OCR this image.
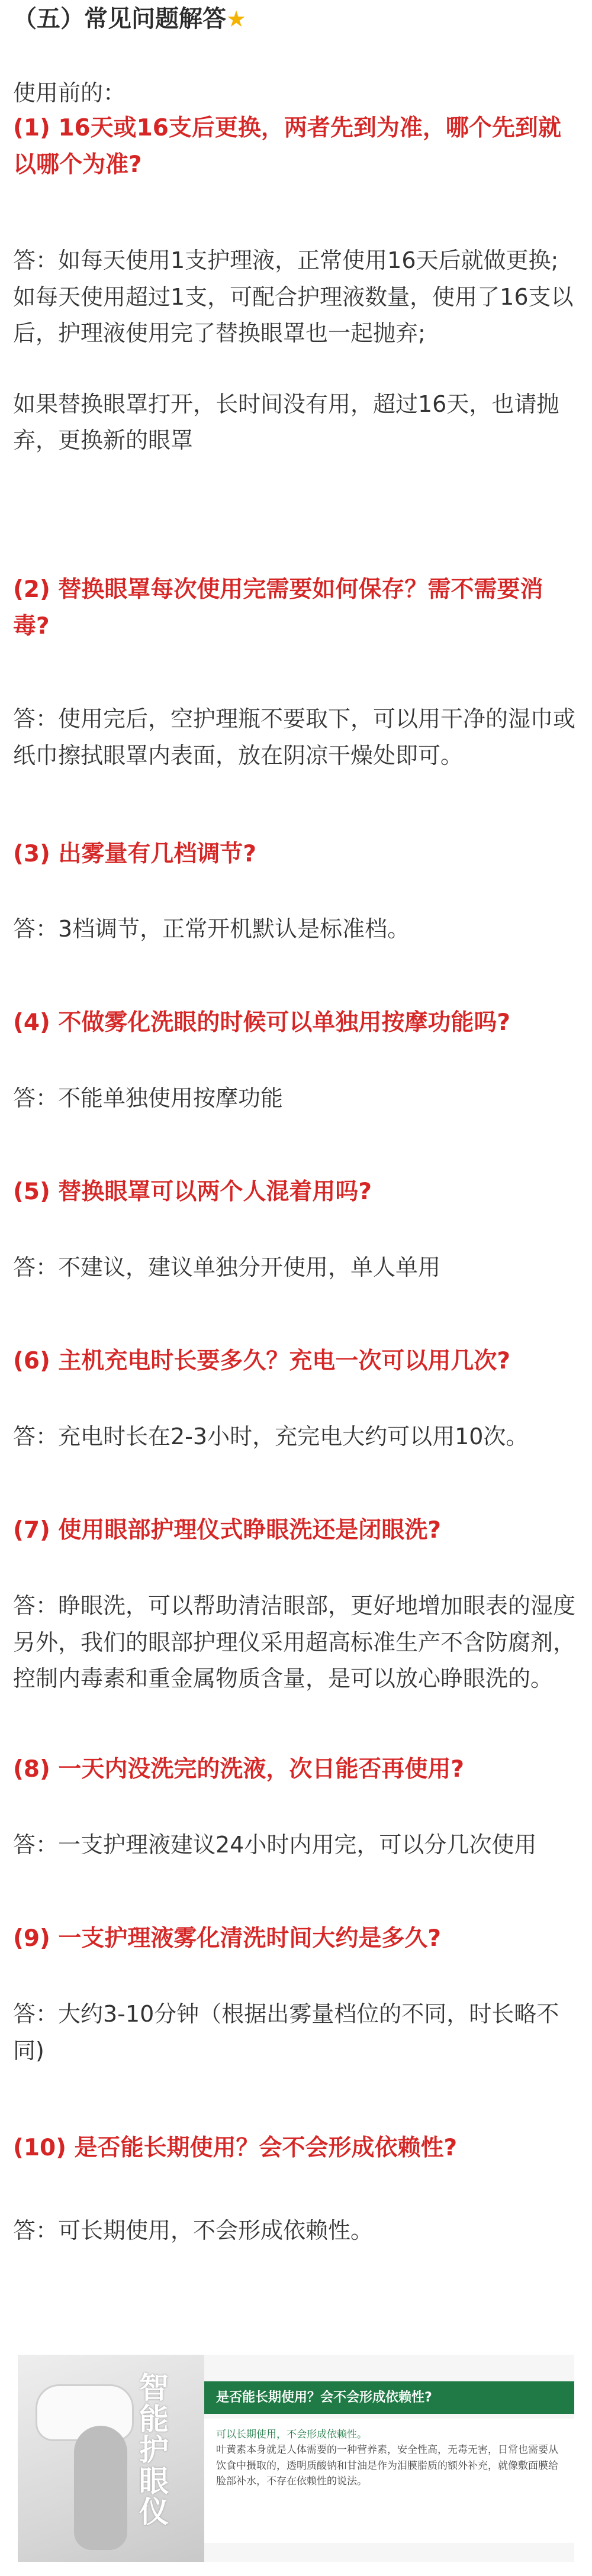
（五）常见问题解答★
使用前的：
(1) 16天或16支后更换，两者先到为准，哪个先到就以哪个为准?

答：如每天使用1支护理液，正常使用16天后就做更换;

如每天使用超过1支，可配合护理液数量，使用了16支以后，护理液使用完了替换眼罩也一起抛弃;

如果替换眼罩打开，长时间没有用，超过16天，也请抛弃，更换新的眼罩

(2) 替换眼罩每次使用完需要如何保存？需不需要消毒?

答：使用完后，空护理瓶不要取下，可以用干净的湿巾或纸巾擦拭眼罩内表面，放在阴凉干燥处即可。

(3) 出雾量有几档调节?

答：3档调节，正常开机默认是标准档。

(4) 不做雾化洗眼的时候可以单独用按摩功能吗?

答：不能单独使用按摩功能

(5) 替换眼罩可以两个人混着用吗?

答：不建议，建议单独分开使用，单人单用

(6) 主机充电时长要多久？充电一次可以用几次?

答：充电时长在2-3小时，充完电大约可以用10次。

(7) 使用眼部护理仪式睁眼洗还是闭眼洗?

答：睁眼洗，可以帮助清洁眼部，更好地增加眼表的湿度另外，我们的眼部护理仪采用超高标准生产不含防腐剂，控制内毒素和重金属物质含量，是可以放心睁眼洗的。

(8) 一天内没洗完的洗液，次日能否再使用?

答：一支护理液建议24小时内用完，可以分几次使用

(9) 一支护理液雾化清洗时间大约是多久?

答：大约3-10分钟（根据出雾量档位的不同，时长略不同)

(10) 是否能长期使用？会不会形成依赖性?

答：可长期使用，不会形成依赖性。

智能护眼仪
是否能长期使用？会不会形成依赖性?
可以长期使用，不会形成依赖性。
叶黄素本身就是人体需要的一种营养素，安全性高，无毒无害，日常也需要从饮食中摄取的，透明质酸钠和甘油是作为泪膜脂质的额外补充，就像敷面膜给脸部补水，不存在依赖性的说法。
